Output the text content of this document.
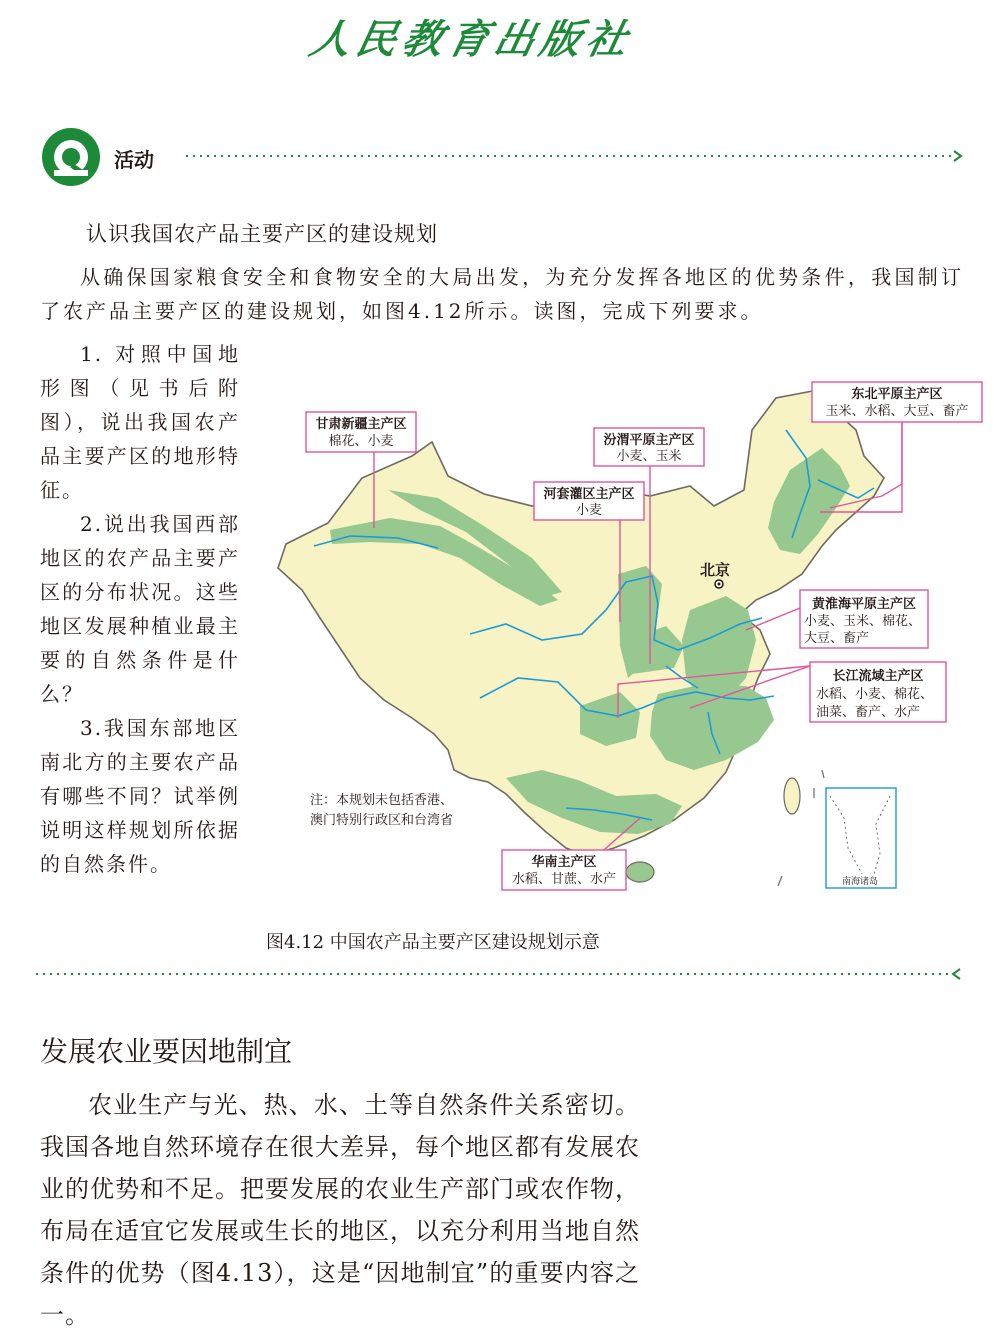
人民教育出版社
活动
认识我国农产品主要产区的建设规划
从确保国家粮食安全和食物安全的大局出发，为充分发挥各地区的优势条件，我国制订了农产品主要产区的建设规划，如图4.12所示。读图，完成下列要求。

1. 对照中国地形图（见书后附图），说出我国农产品主要产区的地形特征。

2.说出我国西部地区的农产品主要产区的分布状况。这些地区发展种植业最主要的自然条件是什么？

3.我国东部地区南北方的主要农产品有哪些不同？试举例说明这样规划所依据的自然条件。

北京
甘肃新疆主产区
棉花、小麦	汾渭平原主产区
小麦、玉米
河套灌区主产区
小麦
东北平原主产区
玉米、水稻、大豆、畜产
黄淮海平原主产区
小麦、玉米、棉花、
大豆、畜产
长江流域主产区
水稻、小麦、棉花、
油菜、畜产、水产
华南主产区
水稻、甘蔗、水产
注：本规划未包括香港、
澳门特别行政区和台湾省
南海诸岛
图4.12 中国农产品主要产区建设规划示意
发展农业要因地制宜

农业生产与光、热、水、土等自然条件关系密切。我国各地自然环境存在很大差异，每个地区都有发展农业的优势和不足。把要发展的农业生产部门或农作物，布局在适宜它发展或生长的地区，以充分利用当地自然条件的优势（图4.13），这是“因地制宜”的重要内容之一。
